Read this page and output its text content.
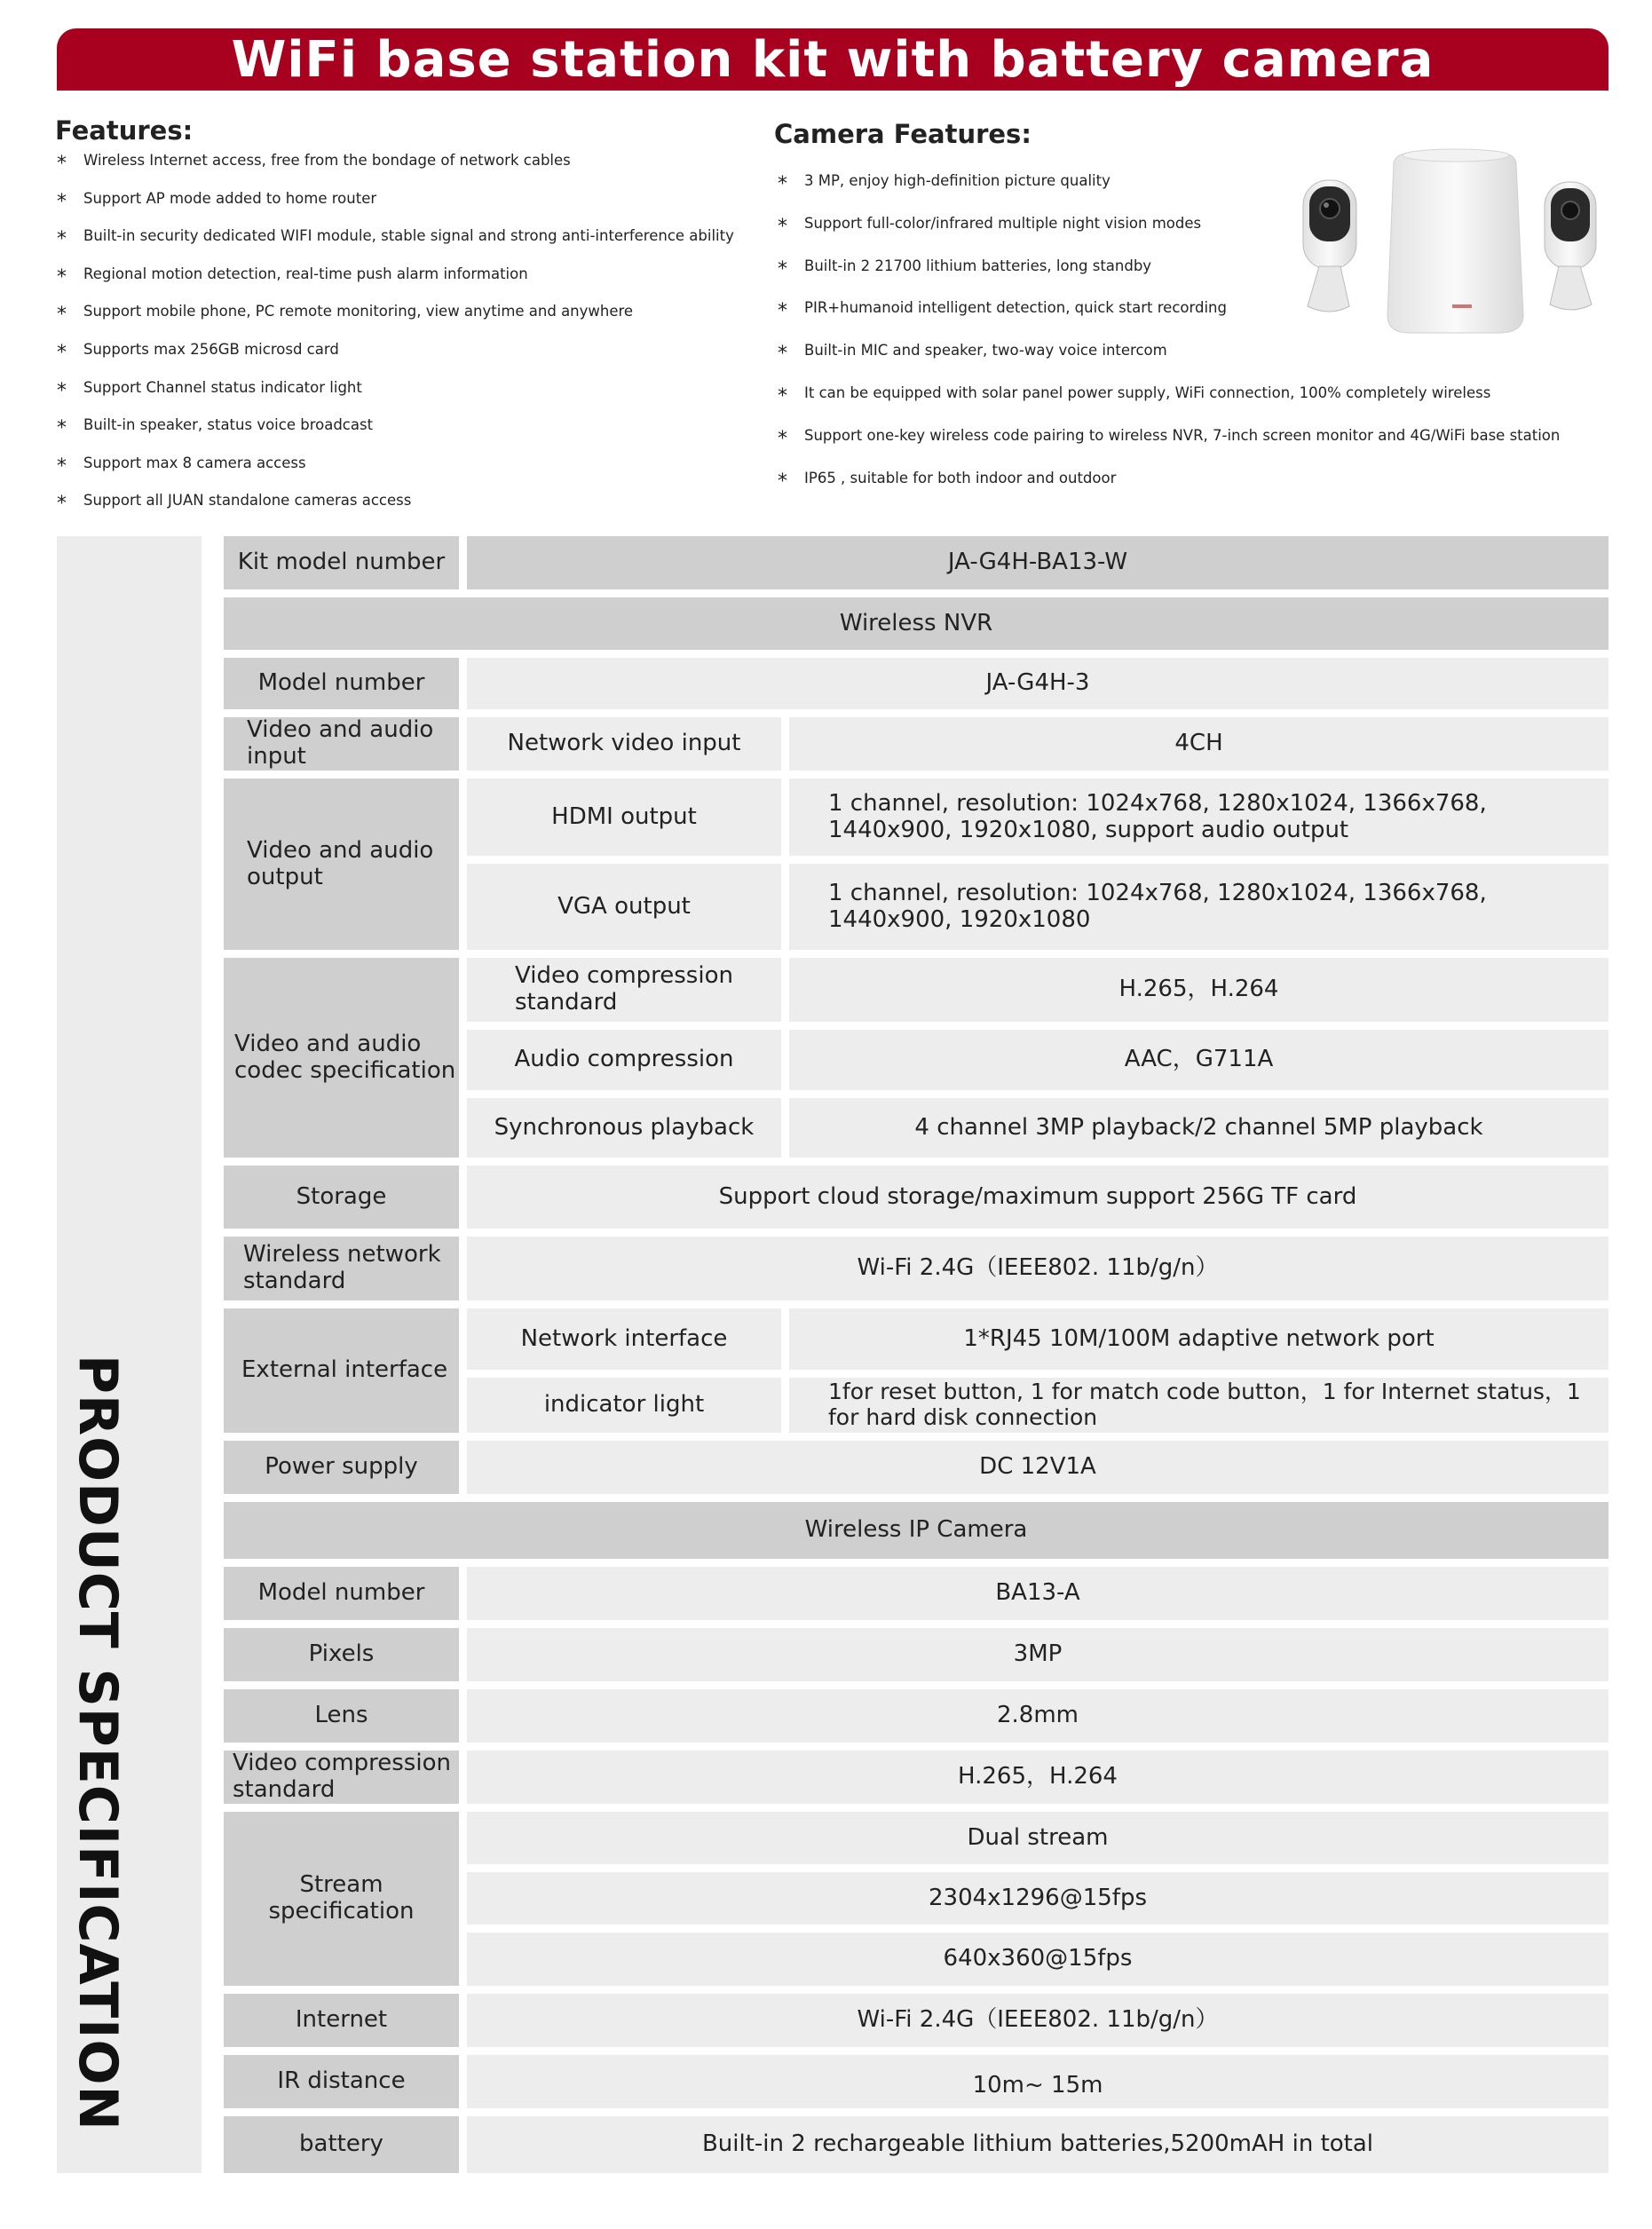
WiFi base station kit with battery camera
Features:
* Wireless Internet access, free from the bondage of network cables
* Support AP mode added to home router
* Built-in security dedicated WIFI module, stable signal and strong anti-interference ability
* Regional motion detection, real-time push alarm information
* Support mobile phone, PC remote monitoring, view anytime and anywhere
* Supports max 256GB microsd card
* Support Channel status indicator light
* Built-in speaker, status voice broadcast
* Support max 8 camera access
* Support all JUAN standalone cameras access
Camera Features:
* 3 MP, enjoy high-definition picture quality
* Support full-color/infrared multiple night vision modes
* Built-in 2 21700 lithium batteries, long standby
* PIR+humanoid intelligent detection, quick start recording
* Built-in MIC and speaker, two-way voice intercom
* It can be equipped with solar panel power supply, WiFi connection, 100% completely wireless
* Support one-key wireless code pairing to wireless NVR, 7-inch screen monitor and 4G/WiFi base station
* IP65 , suitable for both indoor and outdoor
PRODUCT SPECIFICATION
Kit model number	JA-G4H-BA13-W
Wireless NVR
Model number	JA-G4H-3
Video and audio input	Network video input	4CH
Video and audio output
HDMI output	1 channel, resolution: 1024x768, 1280x1024, 1366x768, 1440x900, 1920x1080, support audio output
VGA output	1 channel, resolution: 1024x768, 1280x1024, 1366x768, 1440x900, 1920x1080
Video and audio codec specification
Video compression standard	H.265，H.264
Audio compression	AAC，G711A
Synchronous playback	4 channel 3MP playback/2 channel 5MP playback
Storage	Support cloud storage/maximum support 256G TF card
Wireless network standard	Wi-Fi 2.4G（IEEE802. 11b/g/n）
External interface
Network interface	1*RJ45 10M/100M adaptive network port
indicator light	1for reset button, 1 for match code button，1 for Internet status，1 for hard disk connection
Power supply	DC 12V1A
Wireless IP Camera
Model number	BA13-A
Pixels	3MP
Lens	2.8mm
Video compression standard	H.265，H.264
Stream specification
Dual stream
2304x1296@15fps
640x360@15fps
Internet	Wi-Fi 2.4G（IEEE802. 11b/g/n）
IR distance	10m~ 15m
battery	Built-in 2 rechargeable lithium batteries,5200mAH in total
